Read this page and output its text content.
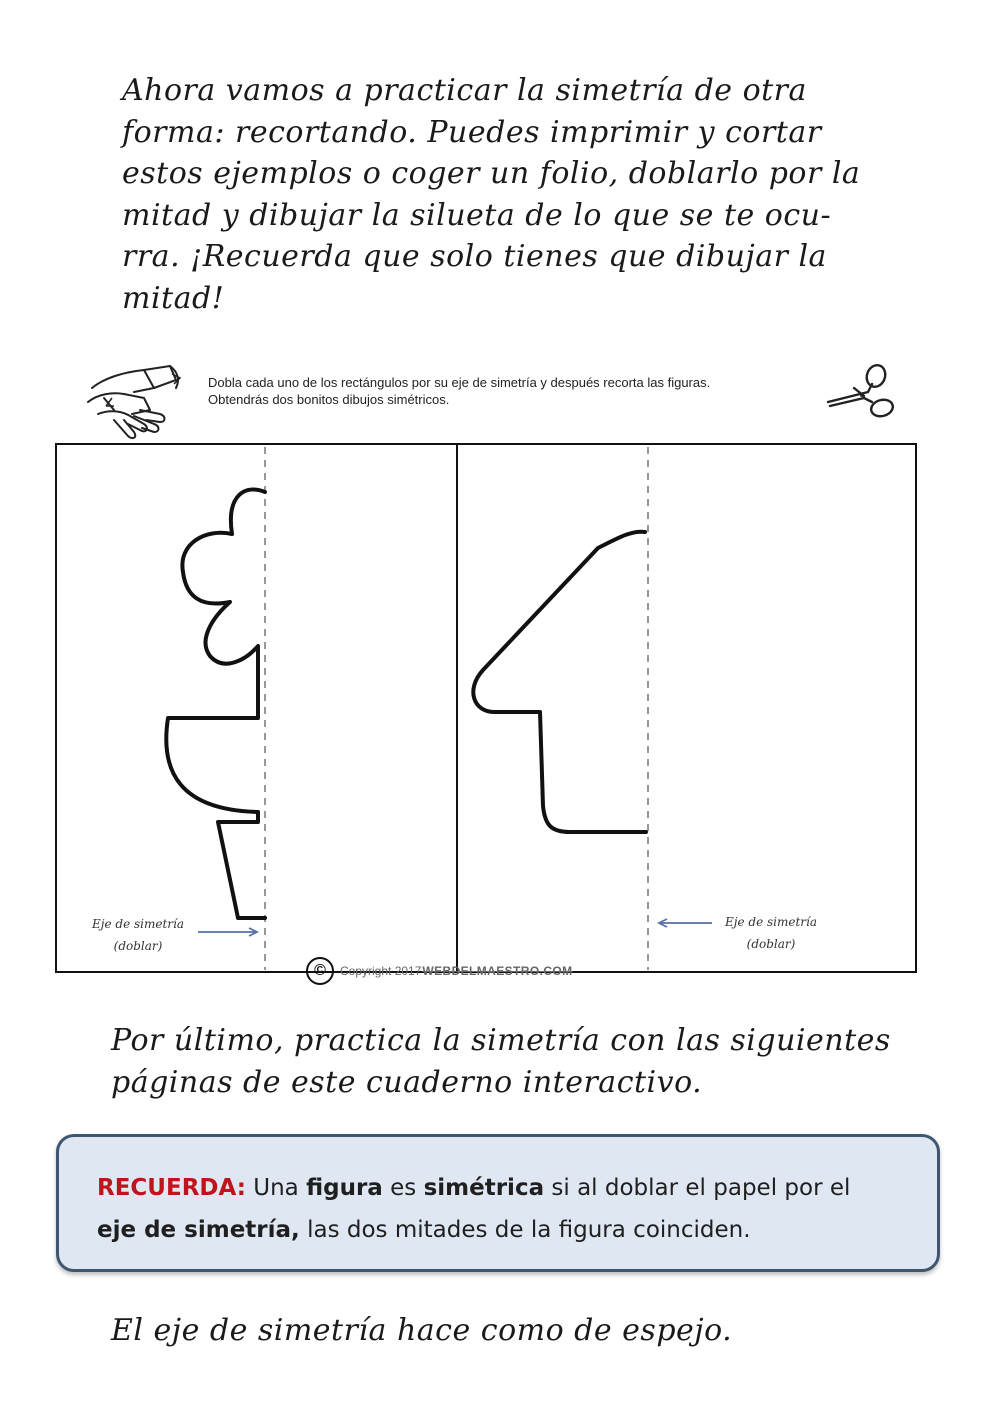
Ahora vamos a practicar la simetría de otra
forma: recortando. Puedes imprimir y cortar
estos ejemplos o coger un folio, doblarlo por la
mitad y dibujar la silueta de lo que se te ocu-
rra. ¡Recuerda que solo tienes que dibujar la
mitad!
Dobla cada uno de los rectángulos por su eje de simetría y después recorta las figuras.
Obtendrás dos bonitos dibujos simétricos.
Eje de simetría
(doblar)
Eje de simetría
(doblar)
©	Copyright 2017 WEBDELMAESTRO.COM
Por último, practica la simetría con las siguientes
páginas de este cuaderno interactivo.
RECUERDA: Una figura es simétrica si al doblar el papel por el
eje de simetría, las dos mitades de la figura coinciden.
El eje de simetría hace como de espejo.
